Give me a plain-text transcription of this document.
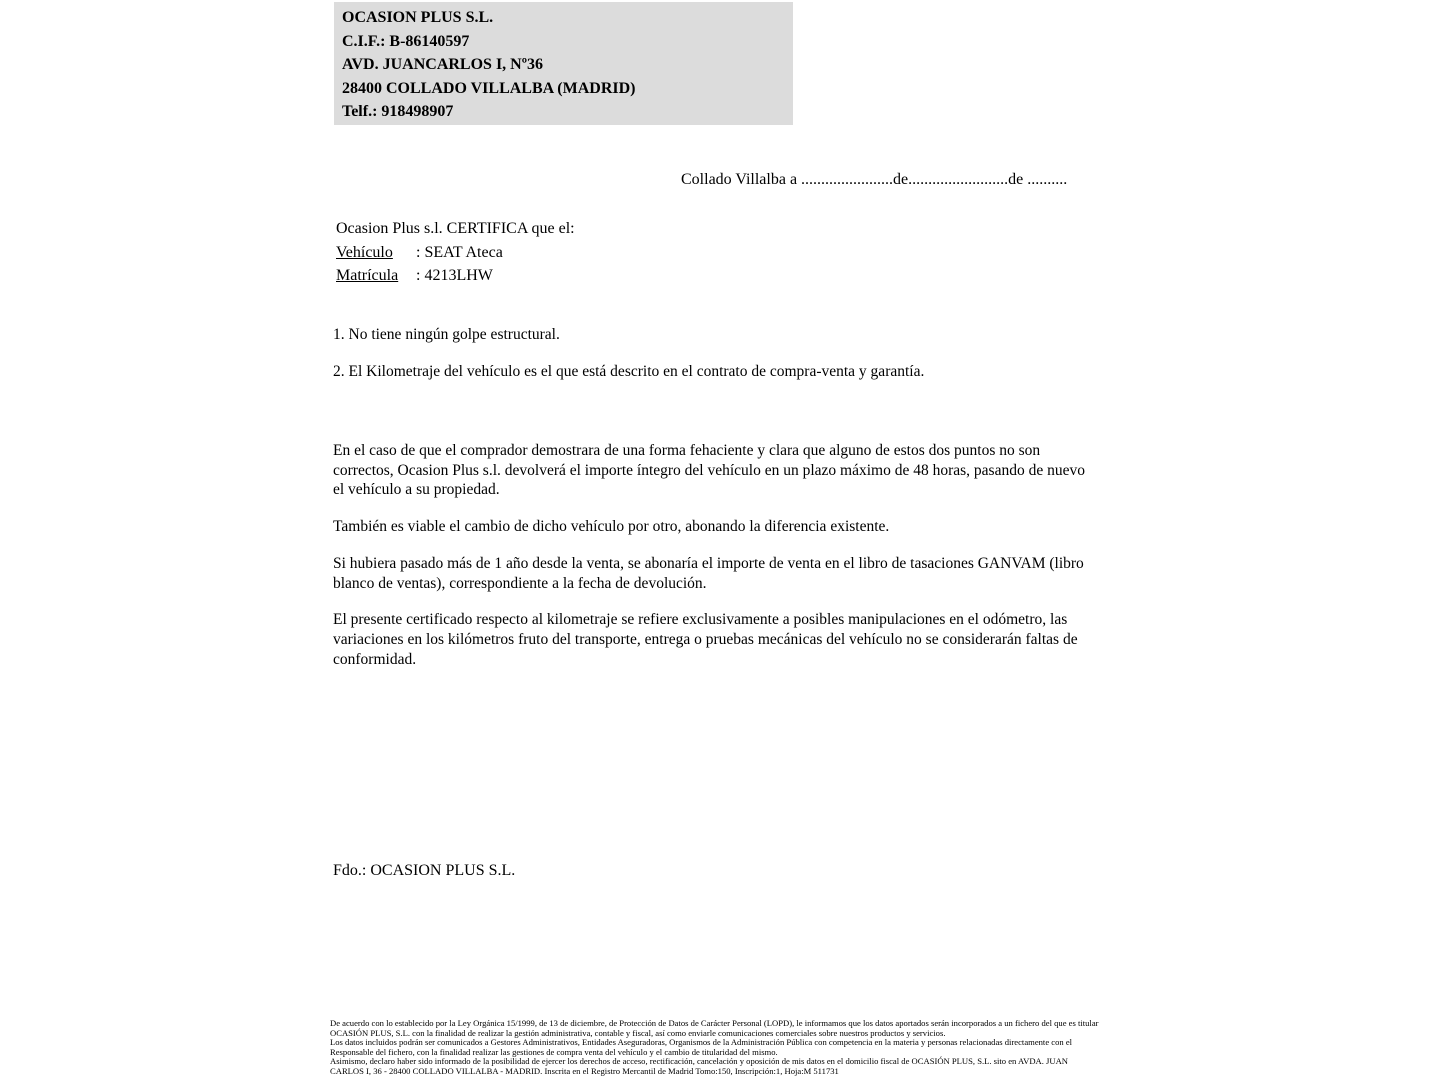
OCASION PLUS S.L.
C.I.F.: B-86140597
AVD. JUANCARLOS I, Nº36
28400 COLLADO VILLALBA (MADRID)
Telf.: 918498907
Collado Villalba a .......................de.........................de ..........
Ocasion Plus s.l. CERTIFICA que el:
Vehículo : SEAT Ateca
Matrícula : 4213LHW

1. No tiene ningún golpe estructural.

2. El Kilometraje del vehículo es el que está descrito en el contrato de compra-venta y garantía.

En el caso de que el comprador demostrara de una forma fehaciente y clara que alguno de estos dos puntos no son correctos, Ocasion Plus s.l. devolverá el importe íntegro del vehículo en un plazo máximo de 48 horas, pasando de nuevo el vehículo a su propiedad.

También es viable el cambio de dicho vehículo por otro, abonando la diferencia existente.

Si hubiera pasado más de 1 año desde la venta, se abonaría el importe de venta en el libro de tasaciones GANVAM (libro blanco de ventas), correspondiente a la fecha de devolución.

El presente certificado respecto al kilometraje se refiere exclusivamente a posibles manipulaciones en el odómetro, las variaciones en los kilómetros fruto del transporte, entrega o pruebas mecánicas del vehículo no se considerarán faltas de conformidad.

Fdo.: OCASION PLUS S.L.

De acuerdo con lo establecido por la Ley Orgánica 15/1999, de 13 de diciembre, de Protección de Datos de Carácter Personal (LOPD), le informamos que los datos aportados serán incorporados a un fichero del que es titular OCASIÓN PLUS, S.L. con la finalidad de realizar la gestión administrativa, contable y fiscal, así como enviarle comunicaciones comerciales sobre nuestros productos y servicios.

Los datos incluidos podrán ser comunicados a Gestores Administrativos, Entidades Aseguradoras, Organismos de la Administración Pública con competencia en la materia y personas relacionadas directamente con el Responsable del fichero, con la finalidad realizar las gestiones de compra venta del vehículo y el cambio de titularidad del mismo.

Asimismo, declaro haber sido informado de la posibilidad de ejercer los derechos de acceso, rectificación, cancelación y oposición de mis datos en el domicilio fiscal de OCASIÓN PLUS, S.L. sito en AVDA. JUAN CARLOS I, 36 - 28400 COLLADO VILLALBA - MADRID. Inscrita en el Registro Mercantil de Madrid Tomo:150, Inscripción:1, Hoja:M 511731
